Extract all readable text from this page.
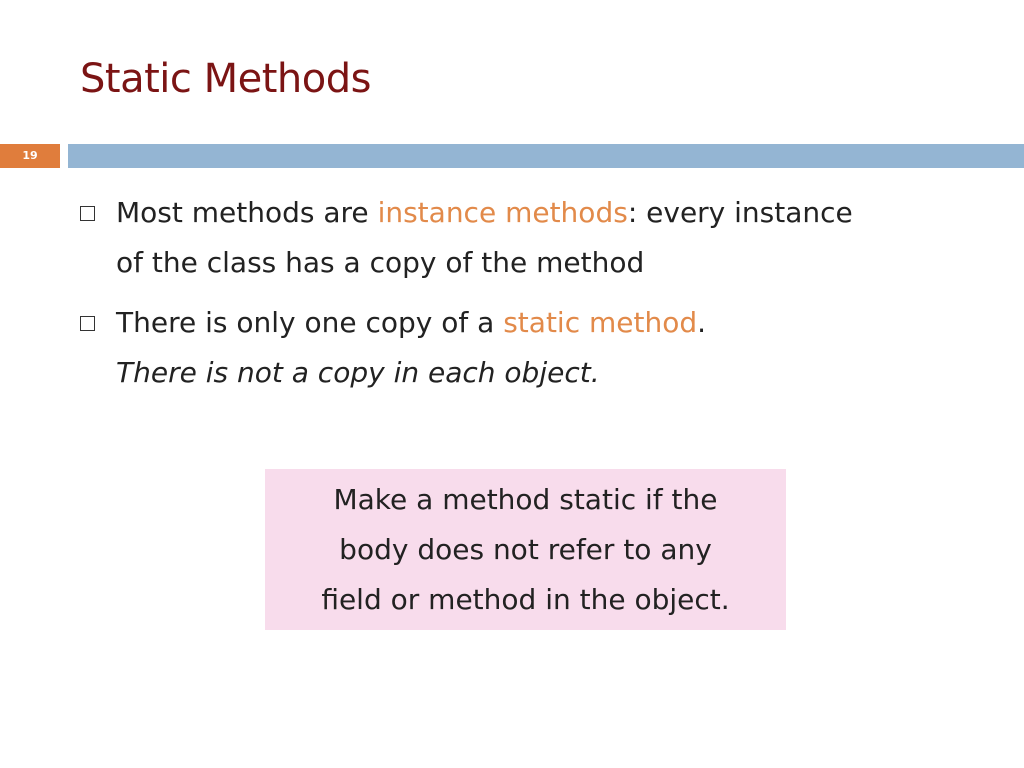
Static Methods
19
Most methods are instance methods: every instance
of the class has a copy of the method
There is only one copy of a static method.
There is not a copy in each object.
Make a method static if the
body does not refer to any
field or method in the object.
